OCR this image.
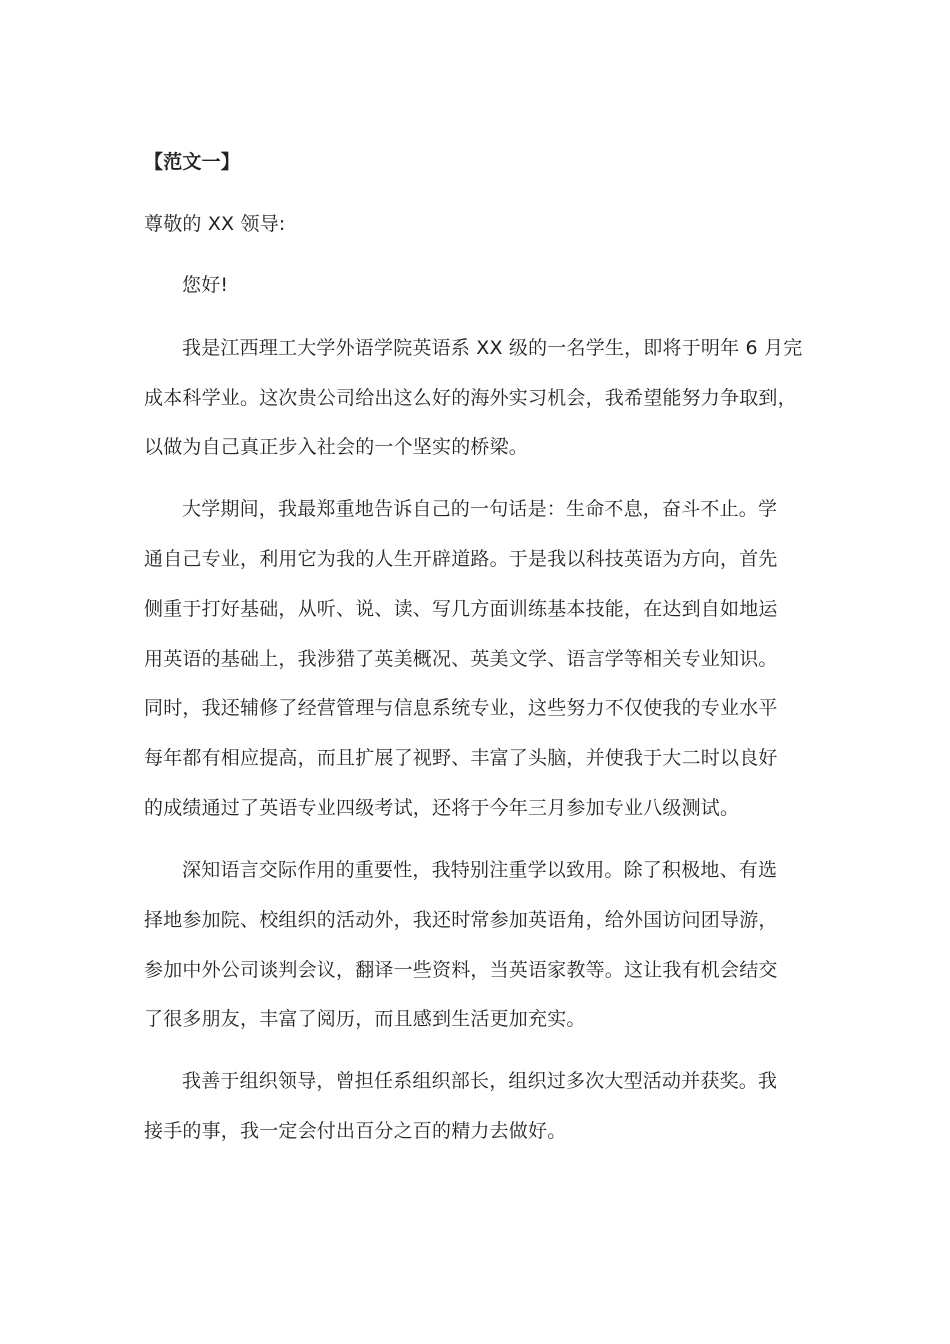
【范文一】
尊敬的 XX 领导:
您好!
我是江西理工大学外语学院英语系 XX 级的一名学生，即将于明年 6 月完
成本科学业。这次贵公司给出这么好的海外实习机会，我希望能努力争取到，
以做为自己真正步入社会的一个坚实的桥梁。
大学期间，我最郑重地告诉自己的一句话是：生命不息，奋斗不止。学
通自己专业，利用它为我的人生开辟道路。于是我以科技英语为方向，首先
侧重于打好基础，从听、说、读、写几方面训练基本技能，在达到自如地运
用英语的基础上，我涉猎了英美概况、英美文学、语言学等相关专业知识。
同时，我还辅修了经营管理与信息系统专业，这些努力不仅使我的专业水平
每年都有相应提高，而且扩展了视野、丰富了头脑，并使我于大二时以良好
的成绩通过了英语专业四级考试，还将于今年三月参加专业八级测试。
深知语言交际作用的重要性，我特别注重学以致用。除了积极地、有选
择地参加院、校组织的活动外，我还时常参加英语角，给外国访问团导游，
参加中外公司谈判会议，翻译一些资料，当英语家教等。这让我有机会结交
了很多朋友，丰富了阅历，而且感到生活更加充实。
我善于组织领导，曾担任系组织部长，组织过多次大型活动并获奖。我
接手的事，我一定会付出百分之百的精力去做好。
